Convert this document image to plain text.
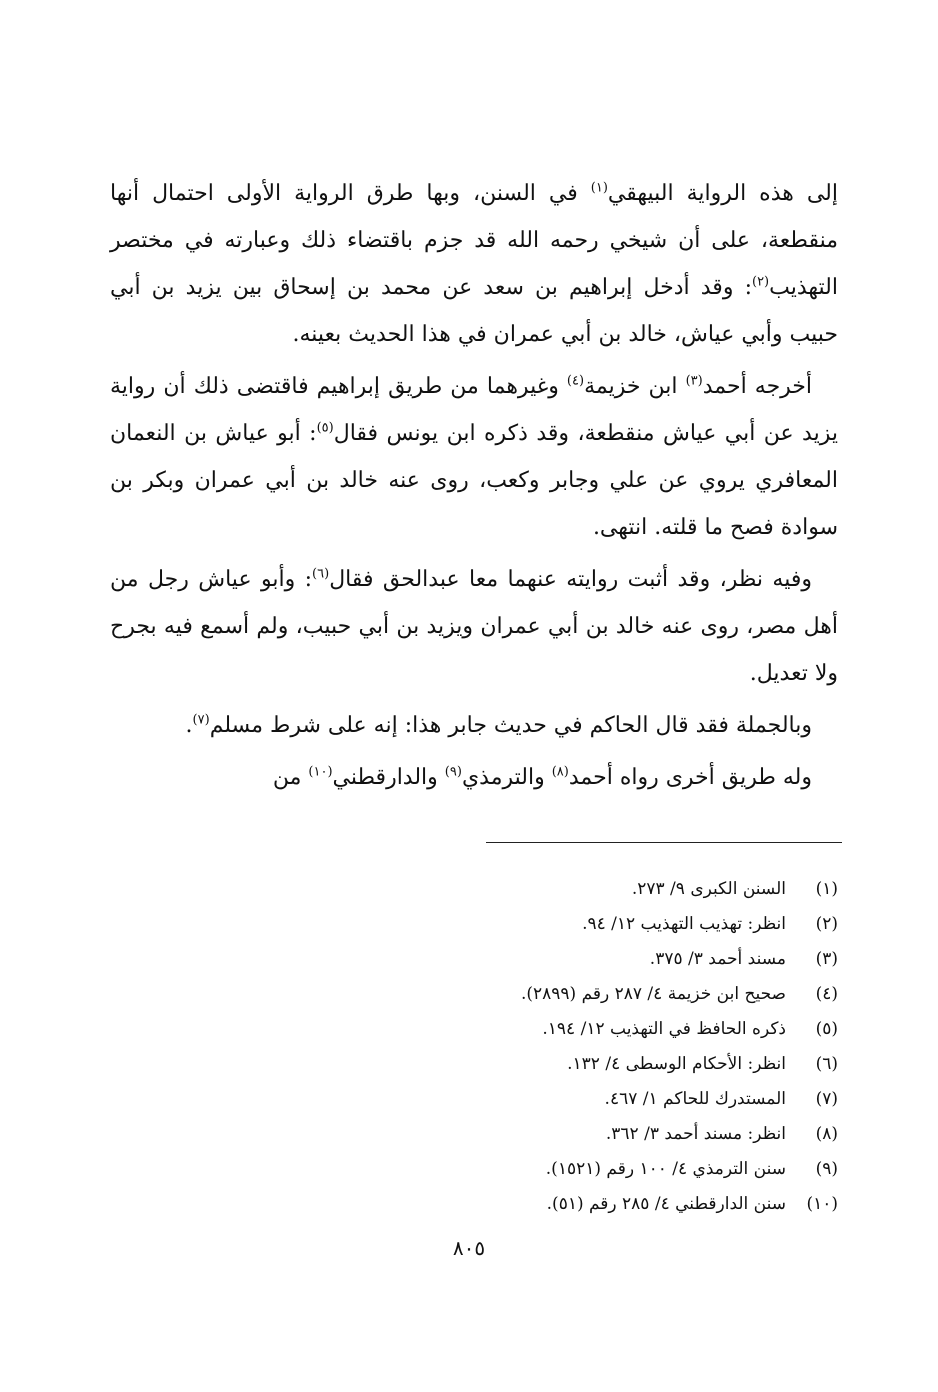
إلى هذه الرواية البيهقي$^{(١)}$ في السنن، وبها طرق الرواية الأولى احتمال أنها منقطعة، على أن شيخي رحمه الله قد جزم باقتضاء ذلك وعبارته في مختصر التهذيب$^{(٢)}$: وقد أدخل إبراهيم بن سعد عن محمد بن إسحاق بين يزيد بن أبي حبيب وأبي عياش، خالد بن أبي عمران في هذا الحديث بعينه.

أخرجه أحمد$^{(٣)}$ ابن خزيمة$^{(٤)}$ وغيرهما من طريق إبراهيم فاقتضى ذلك أن رواية يزيد عن أبي عياش منقطعة، وقد ذكره ابن يونس فقال$^{(٥)}$: أبو عياش بن النعمان المعافري يروي عن علي وجابر وكعب، روى عنه خالد بن أبي عمران وبكر بن سوادة فصح ما قلته. انتهى.

وفيه نظر، وقد أثبت روايته عنهما معا عبدالحق فقال$^{(٦)}$: وأبو عياش رجل من أهل مصر، روى عنه خالد بن أبي عمران ويزيد بن أبي حبيب، ولم أسمع فيه بجرح ولا تعديل.

وبالجملة فقد قال الحاكم في حديث جابر هذا: إنه على شرط مسلم$^{(٧)}$.

وله طريق أخرى رواه أحمد$^{(٨)}$ والترمذي$^{(٩)}$ والدارقطني$^{(١٠)}$ من

(١)
السنن الكبرى ٩/ ٢٧٣.
(٢)
انظر: تهذيب التهذيب ١٢/ ٩٤.
(٣)
مسند أحمد ٣/ ٣٧٥.
(٤)
صحيح ابن خزيمة ٤/ ٢٨٧ رقم (٢٨٩٩).
(٥)
ذكره الحافظ في التهذيب ١٢/ ١٩٤.
(٦)
انظر: الأحكام الوسطى ٤/ ١٣٢.
(٧)
المستدرك للحاكم ١/ ٤٦٧.
(٨)
انظر: مسند أحمد ٣/ ٣٦٢.
(٩)
سنن الترمذي ٤/ ١٠٠ رقم (١٥٢١).
(١٠)
سنن الدارقطني ٤/ ٢٨٥ رقم (٥١).
٨٠٥
